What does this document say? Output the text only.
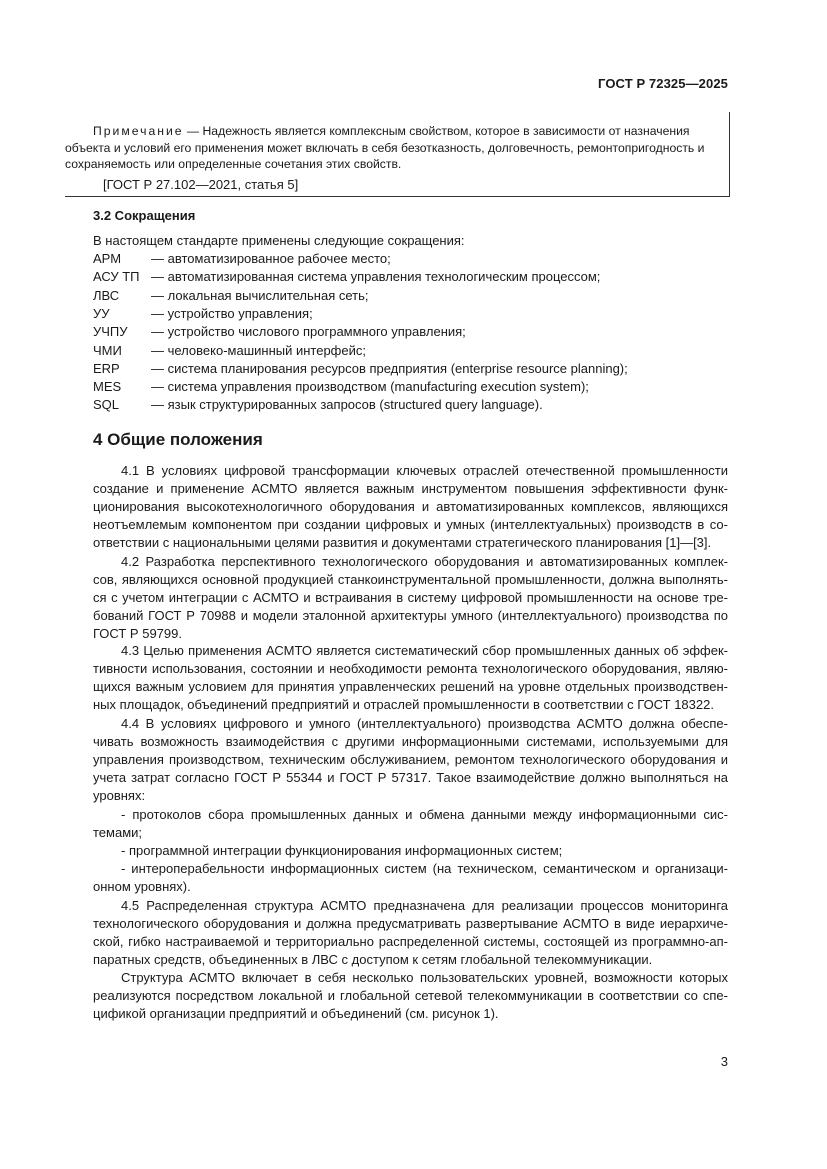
ГОСТ Р 72325—2025
Примечание — Надежность является комплексным свойством, которое в зависимости от назначения
объекта и условий его применения может включать в себя безотказность, долговечность, ремонтопригодность и
сохраняемость или определенные сочетания этих свойств.
[ГОСТ Р 27.102—2021, статья 5]
3.2 Сокращения
В настоящем стандарте применены следующие сокращения:
АРМ — автоматизированное рабочее место;
АСУ ТП — автоматизированная система управления технологическим процессом;
ЛВС — локальная вычислительная сеть;
УУ	— устройство управления;
УЧПУ — устройство числового программного управления;
ЧМИ — человеко-машинный интерфейс;
ERP — система планирования ресурсов предприятия (enterprise resource planning);
MES — система управления производством (manufacturing execution system);
SQL — язык структурированных запросов (structured query language).
4 Общие положения
4.1 В условиях цифровой трансформации ключевых отраслей отечественной промышленности
создание и применение АСМТО является важным инструментом повышения эффективности функ-
ционирования высокотехнологичного оборудования и автоматизированных комплексов, являющихся
неотъемлемым компонентом при создании цифровых и умных (интеллектуальных) производств в со-
ответствии с национальными целями развития и документами стратегического планирования [1]—[3].
4.2 Разработка перспективного технологического оборудования и автоматизированных комплек-
сов, являющихся основной продукцией станкоинструментальной промышленности, должна выполнять-
ся с учетом интеграции с АСМТО и встраивания в систему цифровой промышленности на основе тре-
бований ГОСТ Р 70988 и модели эталонной архитектуры умного (интеллектуального) производства по
ГОСТ Р 59799.
4.3 Целью применения АСМТО является систематический сбор промышленных данных об эффек-
тивности использования, состоянии и необходимости ремонта технологического оборудования, являю-
щихся важным условием для принятия управленческих решений на уровне отдельных производствен-
ных площадок, объединений предприятий и отраслей промышленности в соответствии с ГОСТ 18322.
4.4 В условиях цифрового и умного (интеллектуального) производства АСМТО должна обеспе-
чивать возможность взаимодействия с другими информационными системами, используемыми для
управления производством, техническим обслуживанием, ремонтом технологического оборудования и
учета затрат согласно ГОСТ Р 55344 и ГОСТ Р 57317. Такое взаимодействие должно выполняться на
уровнях:
- протоколов сбора промышленных данных и обмена данными между информационными сис-
темами;
- программной интеграции функционирования информационных систем;
- интероперабельности информационных систем (на техническом, семантическом и организаци-
онном уровнях).
4.5 Распределенная структура АСМТО предназначена для реализации процессов мониторинга
технологического оборудования и должна предусматривать развертывание АСМТО в виде иерархиче-
ской, гибко настраиваемой и территориально распределенной системы, состоящей из программно-ап-
паратных средств, объединенных в ЛВС с доступом к сетям глобальной телекоммуникации.
Структура АСМТО включает в себя несколько пользовательских уровней, возможности которых
реализуются посредством локальной и глобальной сетевой телекоммуникации в соответствии со спе-
цификой организации предприятий и объединений (см. рисунок 1).
3
